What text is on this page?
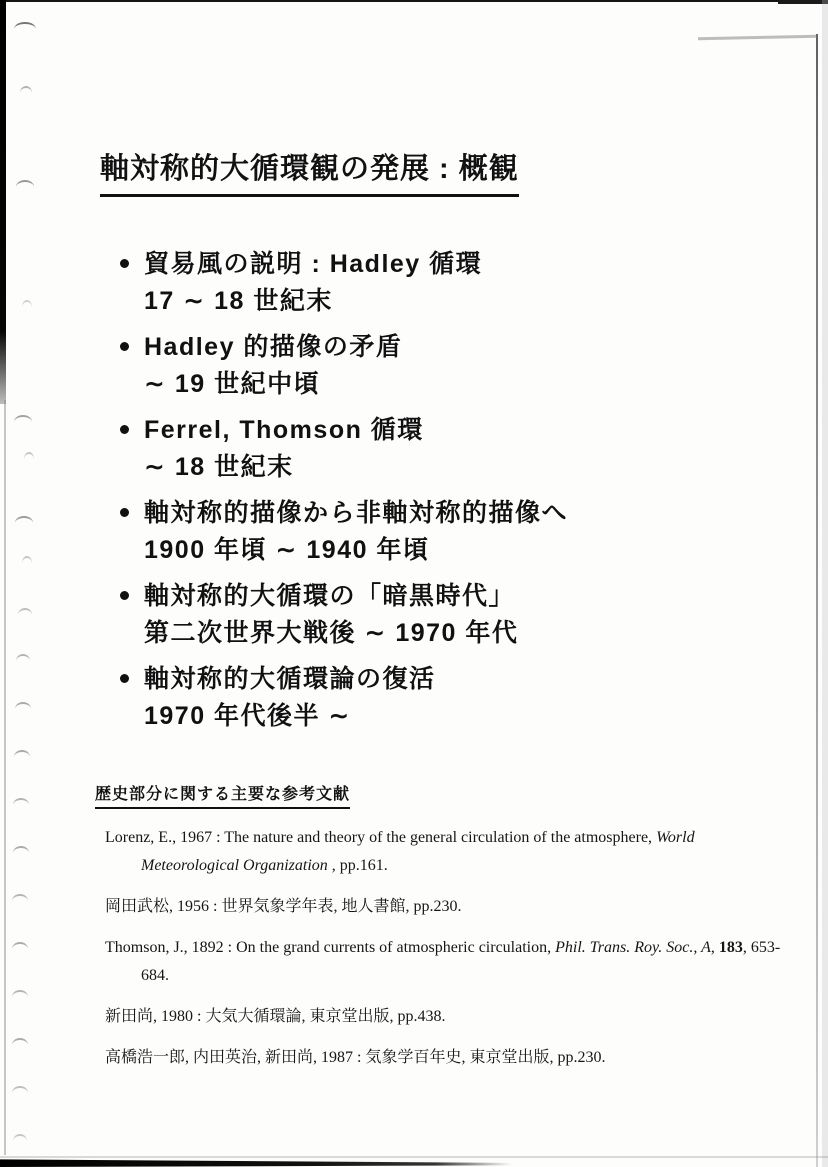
軸対称的大循環観の発展 : 概観
貿易風の説明 : Hadley 循環
17 ∼ 18 世紀末
Hadley 的描像の矛盾
∼ 19 世紀中頃
Ferrel, Thomson 循環
∼ 18 世紀末
軸対称的描像から非軸対称的描像へ
1900 年頃 ∼ 1940 年頃
軸対称的大循環の「暗黒時代」
第二次世界大戦後 ∼ 1970 年代
軸対称的大循環論の復活
1970 年代後半 ∼
歴史部分に関する主要な参考文献

Lorenz, E., 1967 : The nature and theory of the general circulation of the atmosphere, World Meteorological Organization , pp.161.

岡田武松, 1956 : 世界気象学年表, 地人書館, pp.230.

Thomson, J., 1892 : On the grand currents of atmospheric circulation, Phil. Trans. Roy. Soc., A, 183, 653-684.

新田尚, 1980 : 大気大循環論, 東京堂出版, pp.438.

高橋浩一郎, 内田英治, 新田尚, 1987 : 気象学百年史, 東京堂出版, pp.230.
